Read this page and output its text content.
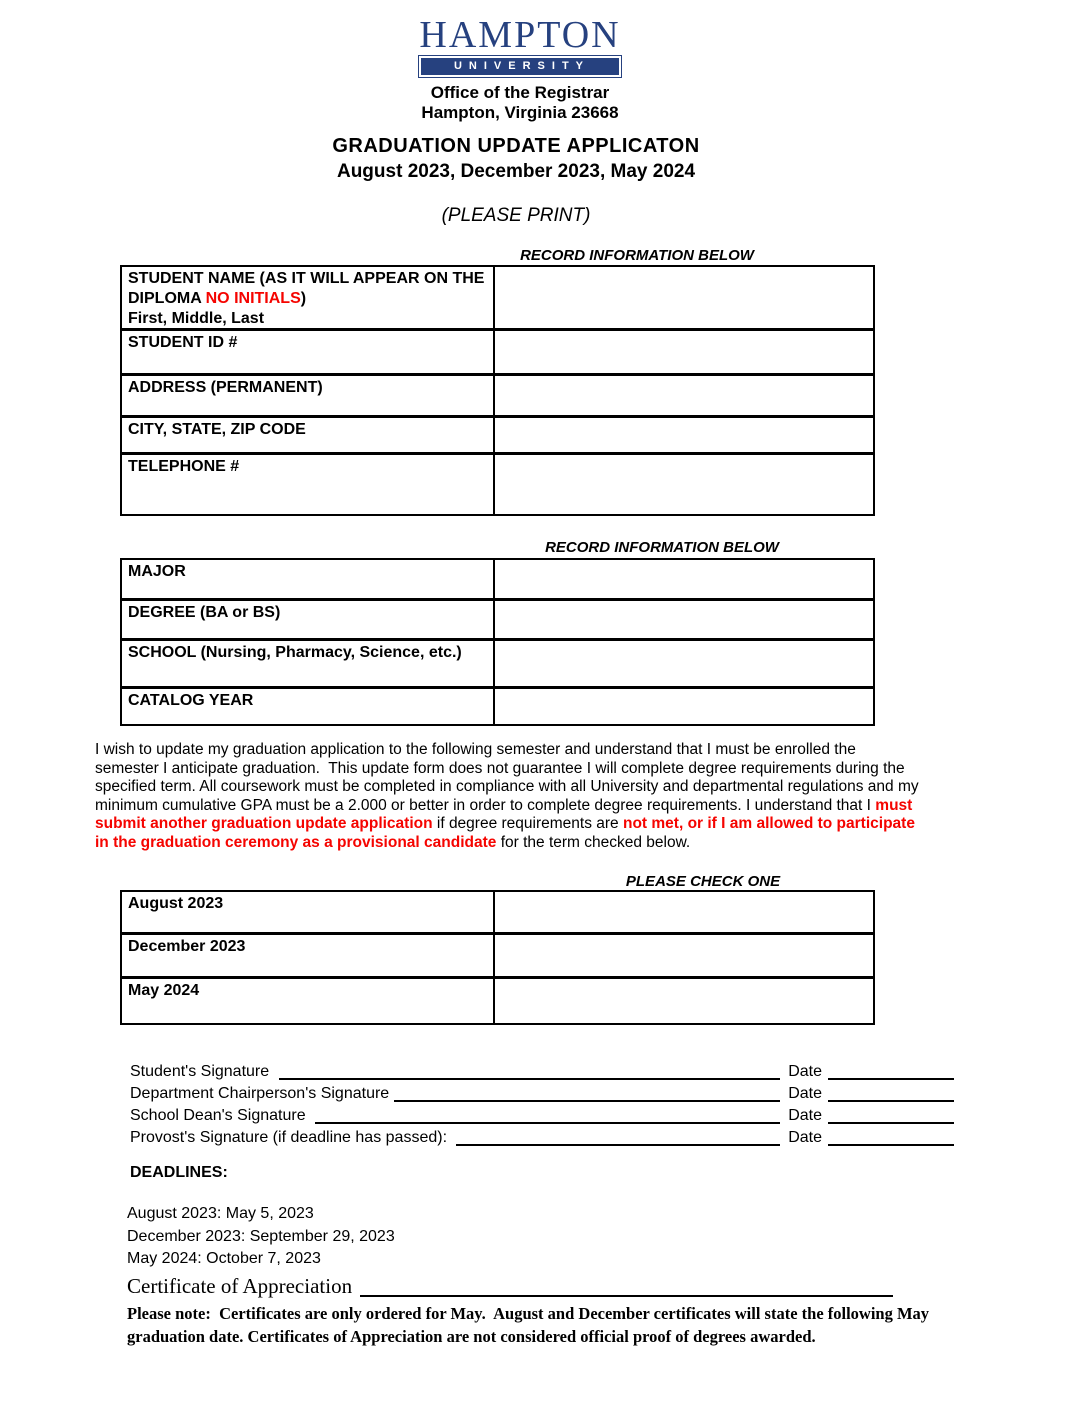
HAMPTON
UNIVERSITY
Office of the Registrar
Hampton, Virginia 23668
GRADUATION UPDATE APPLICATON
August 2023, December 2023, May 2024
(PLEASE PRINT)
RECORD INFORMATION BELOW
STUDENT NAME (AS IT WILL APPEAR ON THE DIPLOMA NO INITIALS)
First, Middle, Last
STUDENT ID #
ADDRESS (PERMANENT)
CITY, STATE, ZIP CODE
TELEPHONE #
RECORD INFORMATION BELOW
MAJOR
DEGREE (BA or BS)
SCHOOL (Nursing, Pharmacy, Science, etc.)
CATALOG YEAR
I wish to update my graduation application to the following semester and understand that I must be enrolled the semester I anticipate graduation.  This update form does not guarantee I will complete degree requirements during the specified term. All coursework must be completed in compliance with all University and departmental regulations and my minimum cumulative GPA must be a 2.000 or better in order to complete degree requirements. I understand that I must submit another graduation update application if degree requirements are not met, or if I am allowed to participate in the graduation ceremony as a provisional candidate for the term checked below.
PLEASE CHECK ONE
August 2023
December 2023
May 2024
Student's Signature	Date
Department Chairperson's Signature	Date
School Dean's Signature	Date
Provost's Signature (if deadline has passed):	Date
DEADLINES:
August 2023: May 5, 2023
December 2023: September 29, 2023
May 2024: October 7, 2023
Certificate of Appreciation
Please note:  Certificates are only ordered for May.  August and December certificates will state the following May graduation date. Certificates of Appreciation are not considered official proof of degrees awarded.
